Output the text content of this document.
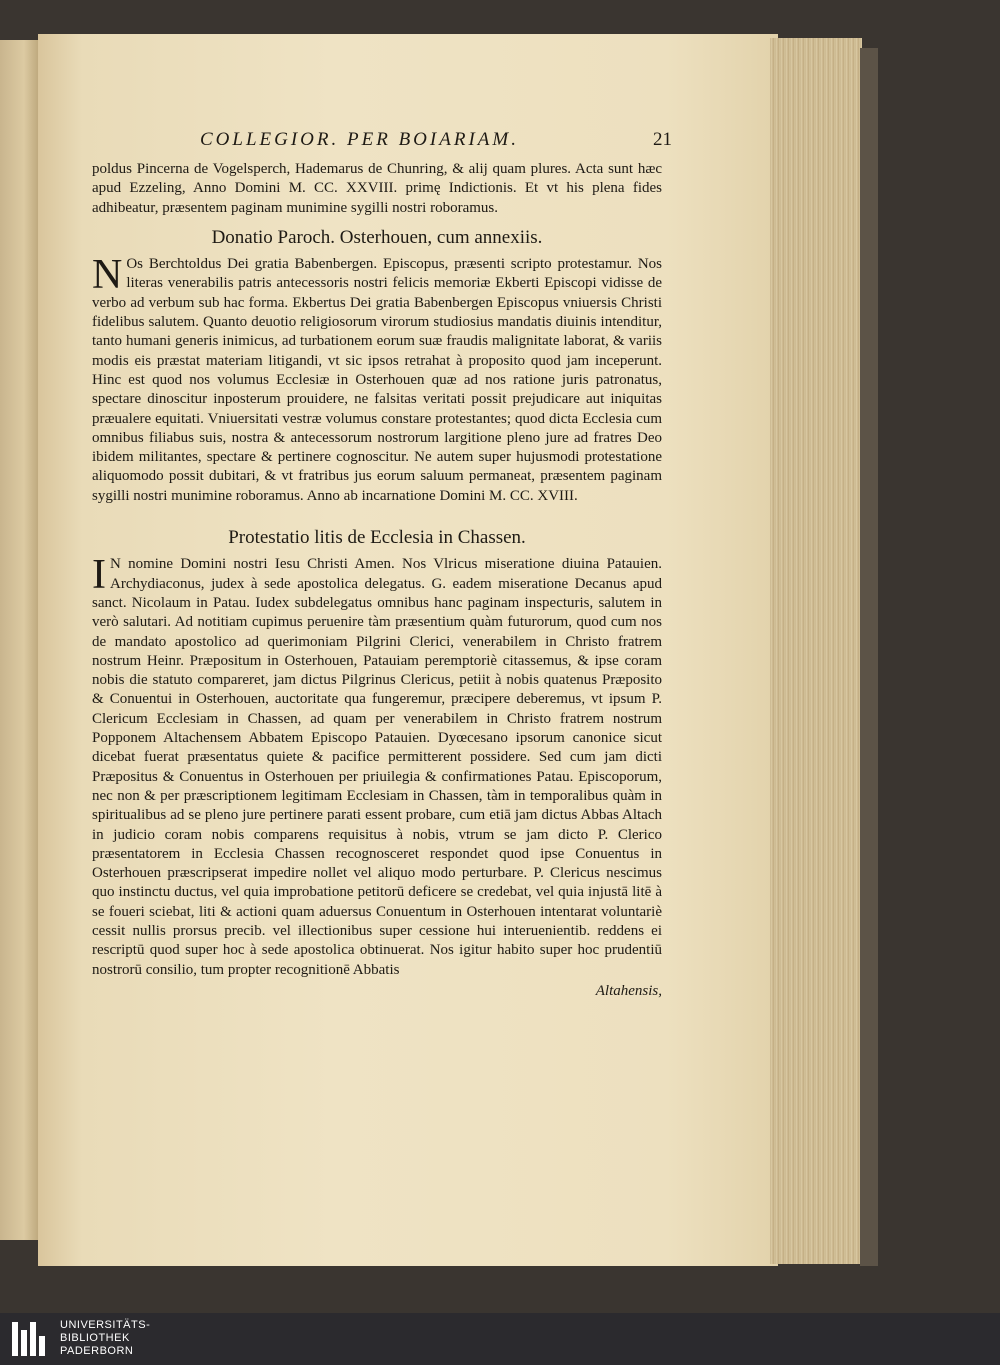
COLLEGIOR. PER BOIARIAM.	21

poldus Pincerna de Vogelsperch, Hademarus de Chunring, & alij quam plures. Acta sunt hæc apud Ezzeling, Anno Domini M. CC. XXVIII. primę Indictionis. Et vt his plena fides adhibeatur, præsentem paginam munimine sygilli nostri roboramus.

Donatio Paroch. Osterhouen, cum annexiis.

N Os Berchtoldus Dei gratia Babenbergen. Episcopus, præsenti scripto protestamur. Nos literas venerabilis patris antecessoris nostri felicis memoriæ Ekberti Episcopi vidisse de verbo ad verbum sub hac forma. Ekbertus Dei gratia Babenbergen Episcopus vniuersis Christi fidelibus salutem. Quanto deuotio religiosorum virorum studiosius mandatis diuinis intenditur, tanto humani generis inimicus, ad turbationem eorum suæ fraudis malignitate laborat, & variis modis eis præstat materiam litigandi, vt sic ipsos retrahat à proposito quod jam inceperunt. Hinc est quod nos volumus Ecclesiæ in Osterhouen quæ ad nos ratione juris patronatus, spectare dinoscitur inposterum prouidere, ne falsitas veritati possit prejudicare aut iniquitas præualere equitati. Vniuersitati vestræ volumus constare protestantes; quod dicta Ecclesia cum omnibus filiabus suis, nostra & antecessorum nostrorum largitione pleno jure ad fratres Deo ibidem militantes, spectare & pertinere cognoscitur. Ne autem super hujusmodi protestatione aliquomodo possit dubitari, & vt fratribus jus eorum saluum permaneat, præsentem paginam sygilli nostri munimine roboramus. Anno ab incarnatione Domini M. CC. XVIII.

Protestatio litis de Ecclesia in Chassen.

I N nomine Domini nostri Iesu Christi Amen. Nos Vlricus miseratione diuina Patauien. Archydiaconus, judex à sede apostolica delegatus. G. eadem miseratione Decanus apud sanct. Nicolaum in Patau. Iudex subdelegatus omnibus hanc paginam inspecturis, salutem in verò salutari. Ad notitiam cupimus peruenire tàm præsentium quàm futurorum, quod cum nos de mandato apostolico ad querimoniam Pilgrini Clerici, venerabilem in Christo fratrem nostrum Heinr. Præpositum in Osterhouen, Patauiam peremptoriè citassemus, & ipse coram nobis die statuto compareret, jam dictus Pilgrinus Clericus, petiit à nobis quatenus Præposito & Conuentui in Osterhouen, auctoritate qua fungeremur, præcipere deberemus, vt ipsum P. Clericum Ecclesiam in Chassen, ad quam per venerabilem in Christo fratrem nostrum Popponem Altachensem Abbatem Episcopo Patauien. Dyœcesano ipsorum canonice sicut dicebat fuerat præsentatus quiete & pacifice permitterent possidere. Sed cum jam dicti Præpositus & Conuentus in Osterhouen per priuilegia & confirmationes Patau. Episcoporum, nec non & per præscriptionem legitimam Ecclesiam in Chassen, tàm in temporalibus quàm in spiritualibus ad se pleno jure pertinere parati essent probare, cum etiā jam dictus Abbas Altach in judicio coram nobis comparens requisitus à nobis, vtrum se jam dicto P. Clerico præsentatorem in Ecclesia Chassen recognosceret respondet quod ipse Conuentus in Osterhouen præscripserat impedire nollet vel aliquo modo perturbare. P. Clericus nescimus quo instinctu ductus, vel quia improbatione petitorū deficere se credebat, vel quia injustā litē à se foueri sciebat, liti & actioni quam aduersus Conuentum in Osterhouen intentarat voluntariè cessit nullis prorsus precib. vel illectionibus super cessione hui interuenientib. reddens ei rescriptū quod super hoc à sede apostolica obtinuerat. Nos igitur habito super hoc prudentiū nostrorū consilio, tum propter recognitionē Abbatis

Altahensis,
UNIVERSITÄTS-
BIBLIOTHEK
PADERBORN
